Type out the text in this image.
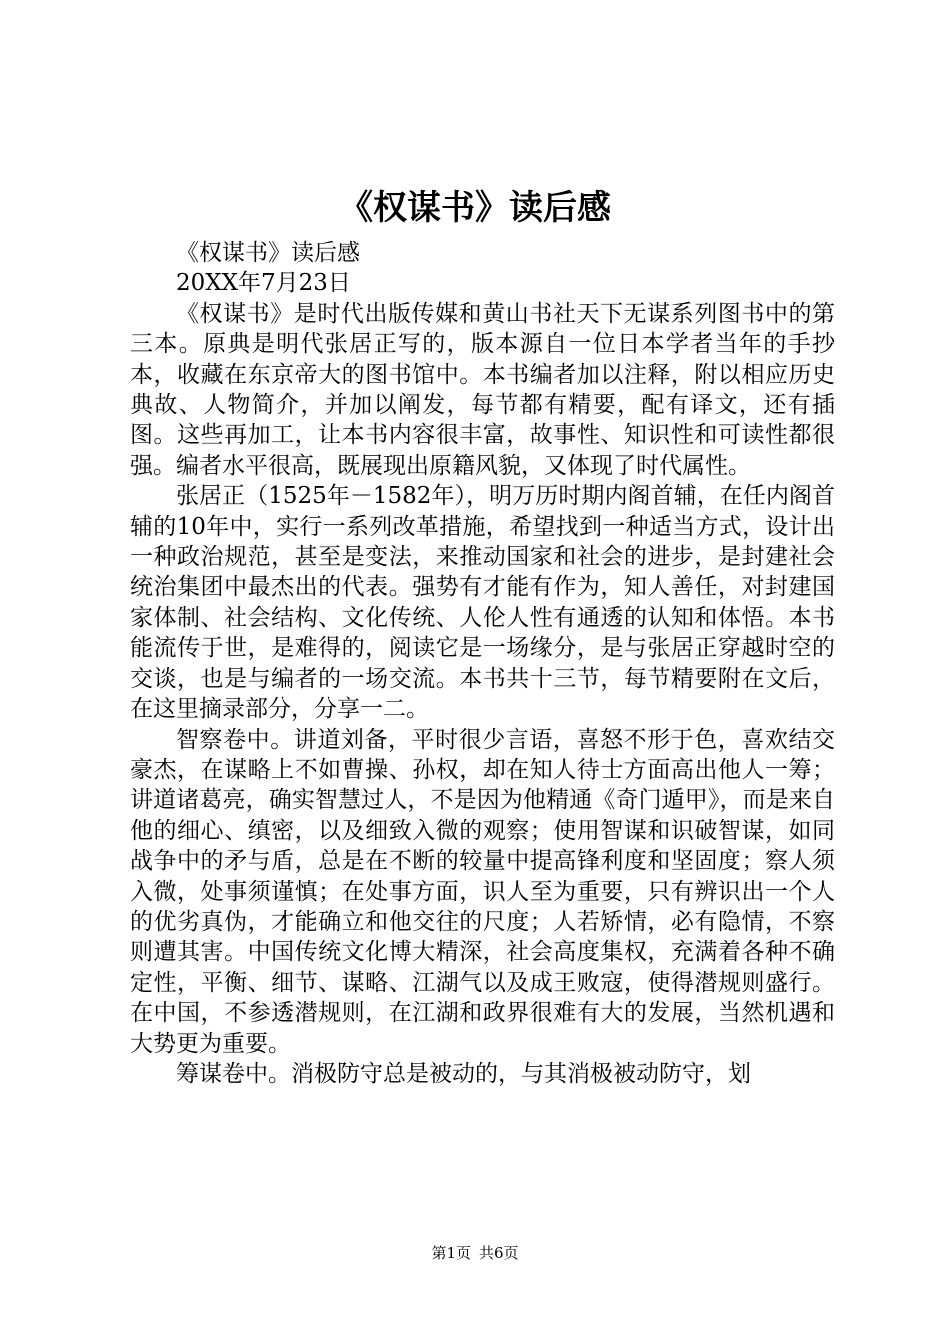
《权谋书》读后感

《权谋书》读后感

20XX年7月23日

《权谋书》是时代出版传媒和黄山书社天下无谋系列图书中的第三本。原典是明代张居正写的，版本源自一位日本学者当年的手抄本，收藏在东京帝大的图书馆中。本书编者加以注释，附以相应历史典故、人物简介，并加以阐发，每节都有精要，配有译文，还有插图。这些再加工，让本书内容很丰富，故事性、知识性和可读性都很强。编者水平很高，既展现出原籍风貌，又体现了时代属性。

张居正（1525年－1582年），明万历时期内阁首辅，在任内阁首辅的10年中，实行一系列改革措施，希望找到一种适当方式，设计出一种政治规范，甚至是变法，来推动国家和社会的进步，是封建社会统治集团中最杰出的代表。强势有才能有作为，知人善任，对封建国家体制、社会结构、文化传统、人伦人性有通透的认知和体悟。本书能流传于世，是难得的，阅读它是一场缘分，是与张居正穿越时空的交谈，也是与编者的一场交流。本书共十三节，每节精要附在文后，在这里摘录部分，分享一二。

智察卷中。讲道刘备，平时很少言语，喜怒不形于色，喜欢结交豪杰，在谋略上不如曹操、孙权，却在知人待士方面高出他人一筹；讲道诸葛亮，确实智慧过人，不是因为他精通《奇门遁甲》，而是来自他的细心、缜密，以及细致入微的观察；使用智谋和识破智谋，如同战争中的矛与盾，总是在不断的较量中提高锋利度和坚固度；察人须入微，处事须谨慎；在处事方面，识人至为重要，只有辨识出一个人的优劣真伪，才能确立和他交往的尺度；人若矫情，必有隐情，不察则遭其害。中国传统文化博大精深，社会高度集权，充满着各种不确定性，平衡、细节、谋略、江湖气以及成王败寇，使得潜规则盛行。在中国，不参透潜规则，在江湖和政界很难有大的发展，当然机遇和大势更为重要。

筹谋卷中。消极防守总是被动的，与其消极被动防守，划

第1页 共6页
